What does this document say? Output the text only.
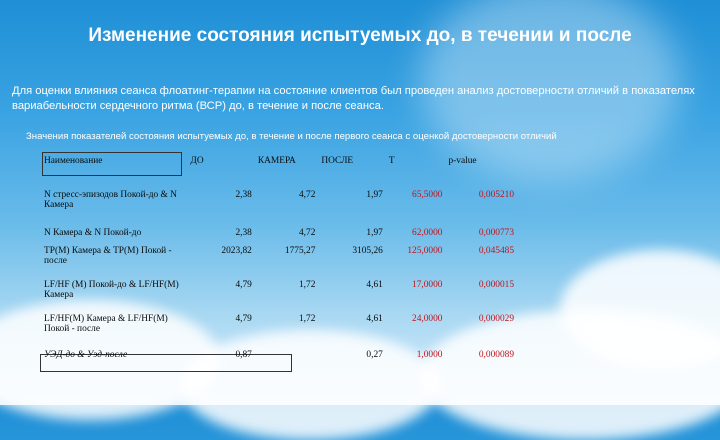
Изменение состояния испытуемых до, в течении и после
Для оценки влияния сеанса флоатинг-терапии на состояние клиентов был проведен анализ достоверности отличий в показателях вариабельности сердечного ритма (ВСР) до, в течение и после сеанса.
Значения показателей состояния испытуемых до, в течение и после первого сеанса с оценкой достоверности отличий
Наименование	ДО	КАМЕРА	ПОСЛЕ	T	p-value
N стресс-эпизодов Покой-до & N Камера	2,38	4,72	1,97	65,5000	0,005210
N Камера & N Покой-до	2,38	4,72	1,97	62,0000	0,000773
TP(M) Камера & TP(M) Покой - после	2023,82	1775,27	3105,26	125,0000	0,045485
LF/HF (M) Покой-до & LF/HF(M) Камера	4,79	1,72	4,61	17,0000	0,000015
LF/HF(M) Камера & LF/HF(M) Покой - после	4,79	1,72	4,61	24,0000	0,000029
УЭД-до & Уэд-после	0,87		0,27	1,0000	0,000089
